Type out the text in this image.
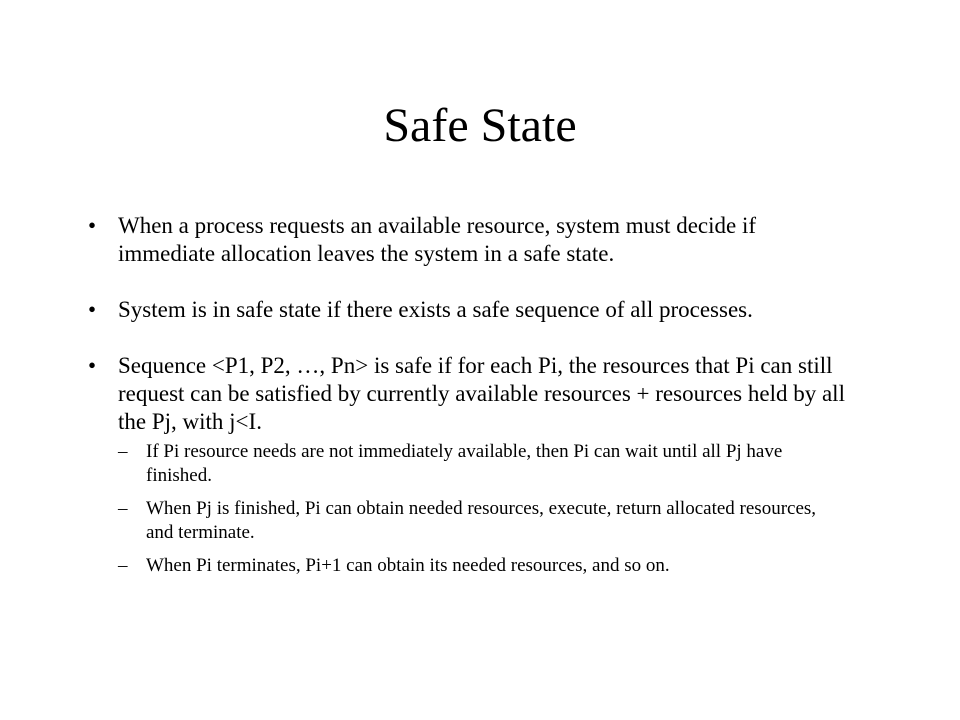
Safe State
• When a process requests an available resource, system must decide if immediate allocation leaves the system in a safe state.
• System is in safe state if there exists a safe sequence of all processes.
• Sequence <P1, P2, …, Pn> is safe if for each Pi, the resources that Pi can still request can be satisfied by currently available resources + resources held by all the Pj, with j<I.
– If Pi resource needs are not immediately available, then Pi can wait until all Pj have finished.
– When Pj is finished, Pi can obtain needed resources, execute, return allocated resources, and terminate.
– When Pi terminates, Pi+1 can obtain its needed resources, and so on.
